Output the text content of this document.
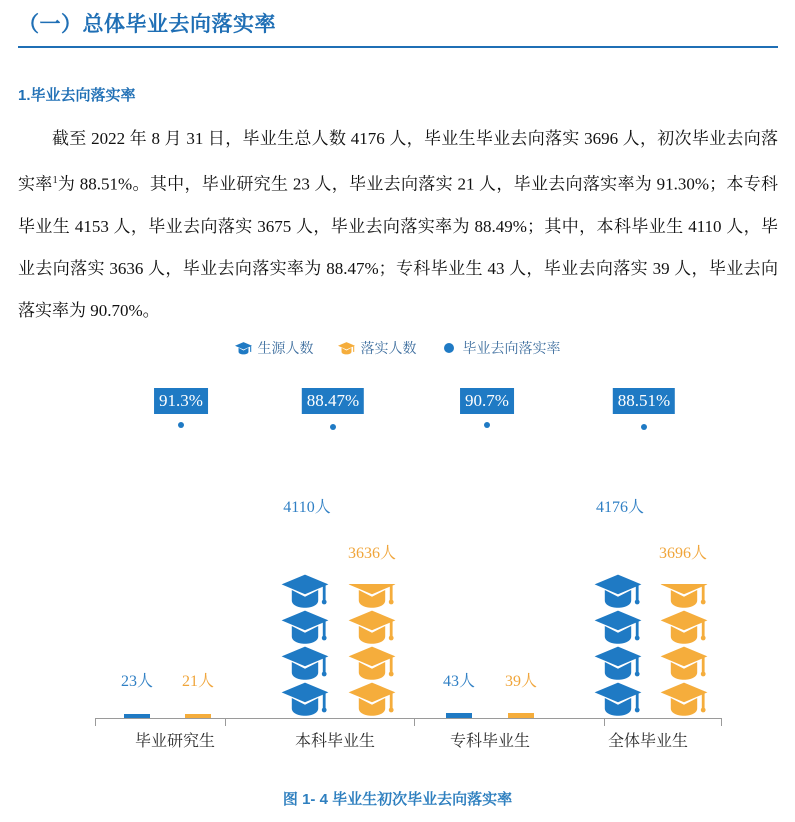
（一）总体毕业去向落实率
1.毕业去向落实率
截至 2022 年 8 月 31 日，毕业生总人数 4176 人，毕业生毕业去向落实 3696 人，初次毕业去向落实率$^1$为 88.51%。其中，毕业研究生 23 人，毕业去向落实 21 人，毕业去向落实率为 91.30%；本专科毕业生 4153 人，毕业去向落实 3675 人，毕业去向落实率为 88.49%；其中，本科毕业生 4110 人，毕业去向落实 3636 人，毕业去向落实率为 88.47%；专科毕业生 43 人，毕业去向落实 39 人，毕业去向落实率为 90.70%。
生源人数	落实人数	毕业去向落实率
91.3%	88.47%	90.7%	88.51%
23人 21人
4110人
3636人
43人 39人
4176人
3696人
毕业研究生	本科毕业生	专科毕业生	全体毕业生
图 1- 4 毕业生初次毕业去向落实率
